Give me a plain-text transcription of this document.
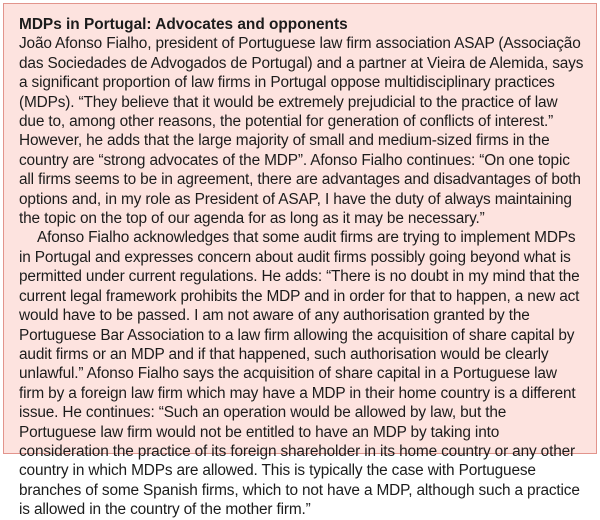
MDPs in Portugal: Advocates and opponents

João Afonso Fialho, president of Portuguese law firm association ASAP (Associação das Sociedades de Advogados de Portugal) and a partner at Vieira de Alemida, says a significant proportion of law firms in Portugal oppose multidisciplinary practices (MDPs). “They believe that it would be extremely prejudicial to the practice of law due to, among other reasons, the potential for generation of conflicts of interest.” However, he adds that the large majority of small and medium-sized firms in the country are “strong advocates of the MDP”. Afonso Fialho continues: “On one topic all firms seems to be in agreement, there are advantages and disadvantages of both options and, in my role as President of ASAP, I have the duty of always maintaining the topic on the top of our agenda for as long as it may be necessary.”

Afonso Fialho acknowledges that some audit firms are trying to implement MDPs in Portugal and expresses concern about audit firms possibly going beyond what is permitted under current regulations. He adds: “There is no doubt in my mind that the current legal framework prohibits the MDP and in order for that to happen, a new act would have to be passed. I am not aware of any authorisation granted by the Portuguese Bar Association to a law firm allowing the acquisition of share capital by audit firms or an MDP and if that happened, such authorisation would be clearly unlawful.” Afonso Fialho says the acquisition of share capital in a Portuguese law firm by a foreign law firm which may have a MDP in their home country is a different issue. He continues: “Such an operation would be allowed by law, but the Portuguese law firm would not be entitled to have an MDP by taking into consideration the practice of its foreign shareholder in its home country or any other country in which MDPs are allowed. This is typically the case with Portuguese branches of some Spanish firms, which to not have a MDP, although such a practice is allowed in the country of the mother firm.”
